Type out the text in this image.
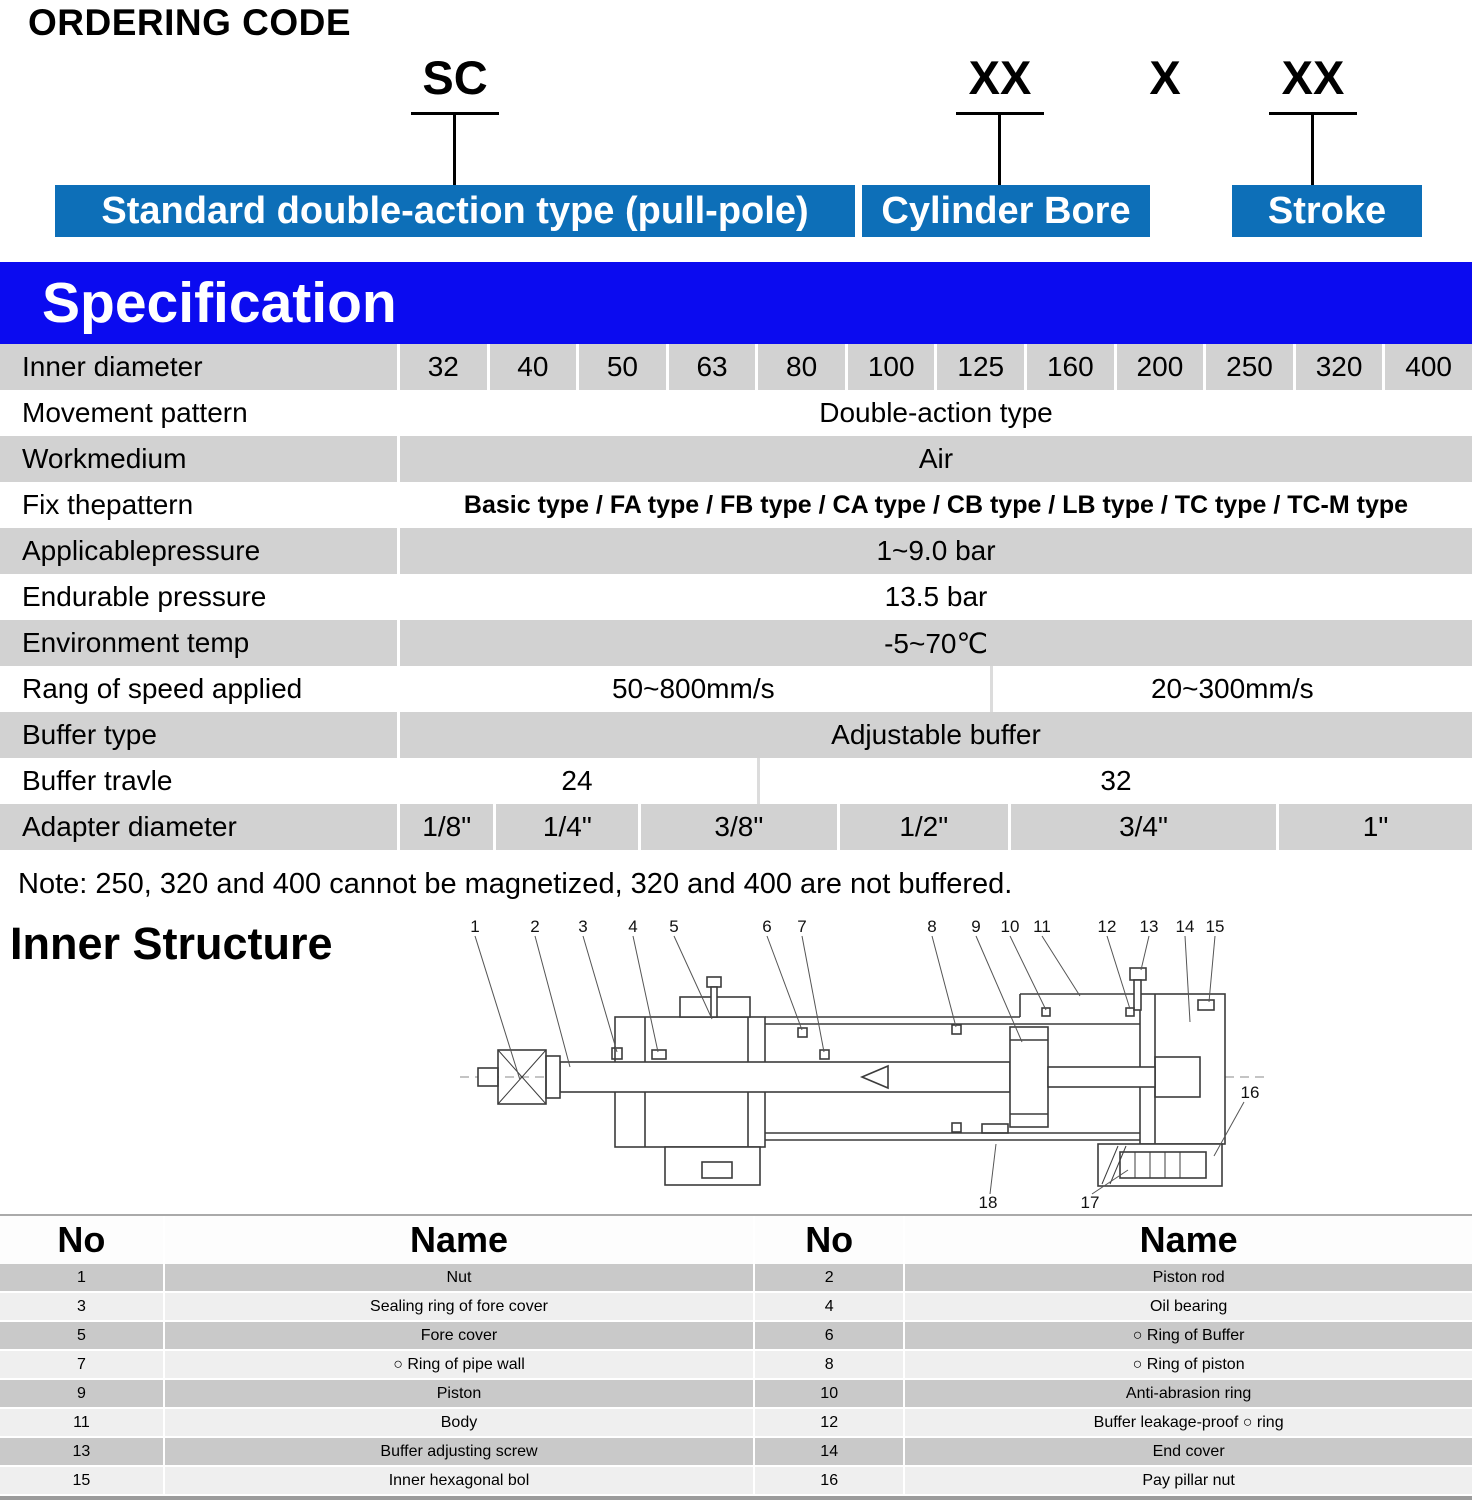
ORDERING CODE
SC	XX	X	XX
Standard double-action type (pull-pole)	Cylinder Bore	Stroke
Specification
Inner diameter	32	40	50	63	80	100	125	160	200	250	320	400
Movement pattern	Double-action type
Workmedium	Air
Fix thepattern	Basic type / FA type / FB type / CA type / CB type / LB type / TC type / TC-M type
Applicablepressure	1~9.0 bar
Endurable pressure	13.5 bar
Environment temp	-5~70℃
Rang of speed applied	50~800mm/s	20~300mm/s
Buffer type	Adjustable buffer
Buffer travle	24	32
Adapter diameter	1/8"	1/4"	3/8"	1/2"	3/4"	1"

Note: 250, 320 and 400 cannot be magnetized, 320 and 400 are not buffered.

Inner Structure	1	2 3 4 5	6 7	8 9 10 11	12 13 14 15
16
17
18
No	Name	No	Name
1	Nut	2	Piston rod
3	Sealing ring of fore cover	4	Oil bearing
5	Fore cover	6	○ Ring of Buffer
7	○ Ring of pipe wall	8	○ Ring of piston
9	Piston	10	Anti-abrasion ring
11	Body	12	Buffer leakage-proof ○ ring
13	Buffer adjusting screw	14	End cover
15	Inner hexagonal bol	16	Pay pillar nut
